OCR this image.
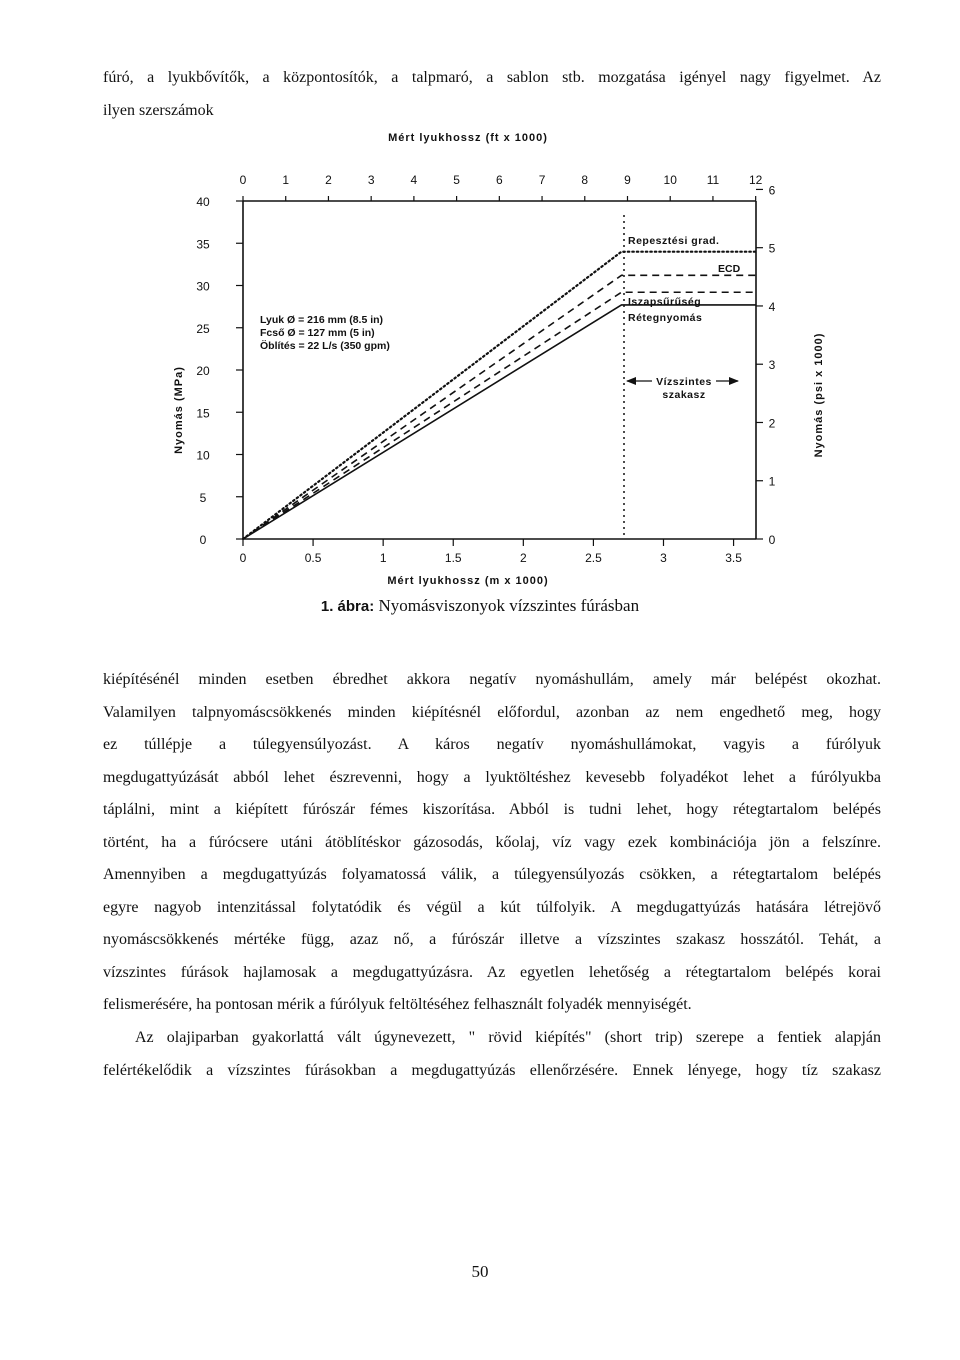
fúró, a lyukbővítők, a központosítók, a talpmaró, a sablon stb. mozgatása igényel nagy figyelmet. Az
ilyen szerszámok
Mért lyukhossz (ft x 1000)
Mért lyukhossz (m x 1000)
Nyomás (MPa)	Nyomás (psi x 1000)
0	1	2	3	4	5	6	7	8	9	10 11 12
0	0.5	1	1.5	2	2.5	3	3.5
0
5
10
15
20
25
30
35
40
0
1
2
3
4
5
6
Lyuk Ø = 216 mm (8.5 in)
Fcső Ø = 127 mm (5 in)
Öblítés = 22 L/s (350 gpm)
Repesztési grad.
ECD
Iszapsűrűség
Rétegnyomás
Vízszintes
szakasz
1. ábra: Nyomásviszonyok vízszintes fúrásban
kiépítésénél minden esetben ébredhet akkora negatív nyomáshullám, amely már belépést okozhat.
Valamilyen talpnyomáscsökkenés minden kiépítésnél előfordul, azonban az nem engedhető meg, hogy
ez túllépje a túlegyensúlyozást. A káros negatív nyomáshullámokat, vagyis a fúrólyuk
megdugattyúzását abból lehet észrevenni, hogy a lyuktöltéshez kevesebb folyadékot lehet a fúrólyukba
táplálni, mint a kiépített fúrószár fémes kiszorítása. Abból is tudni lehet, hogy rétegtartalom belépés
történt, ha a fúrócsere utáni átöblítéskor gázosodás, kőolaj, víz vagy ezek kombinációja jön a felszínre.
Amennyiben a megdugattyúzás folyamatossá válik, a túlegyensúlyozás csökken, a rétegtartalom belépés
egyre nagyob intenzitással folytatódik és végül a kút túlfolyik. A megdugattyúzás hatására létrejövő
nyomáscsökkenés mértéke függ, azaz nő, a fúrószár illetve a vízszintes szakasz hosszától. Tehát, a
vízszintes fúrások hajlamosak a megdugattyúzásra. Az egyetlen lehetőség a rétegtartalom belépés korai
felismerésére, ha pontosan mérik a fúrólyuk feltöltéséhez felhasznált folyadék mennyiségét.
Az olajiparban gyakorlattá vált úgynevezett, " rövid kiépítés" (short trip) szerepe a fentiek alapján
felértékelődik a vízszintes fúrásokban a megdugattyúzás ellenőrzésére. Ennek lényege, hogy tíz szakasz
50
